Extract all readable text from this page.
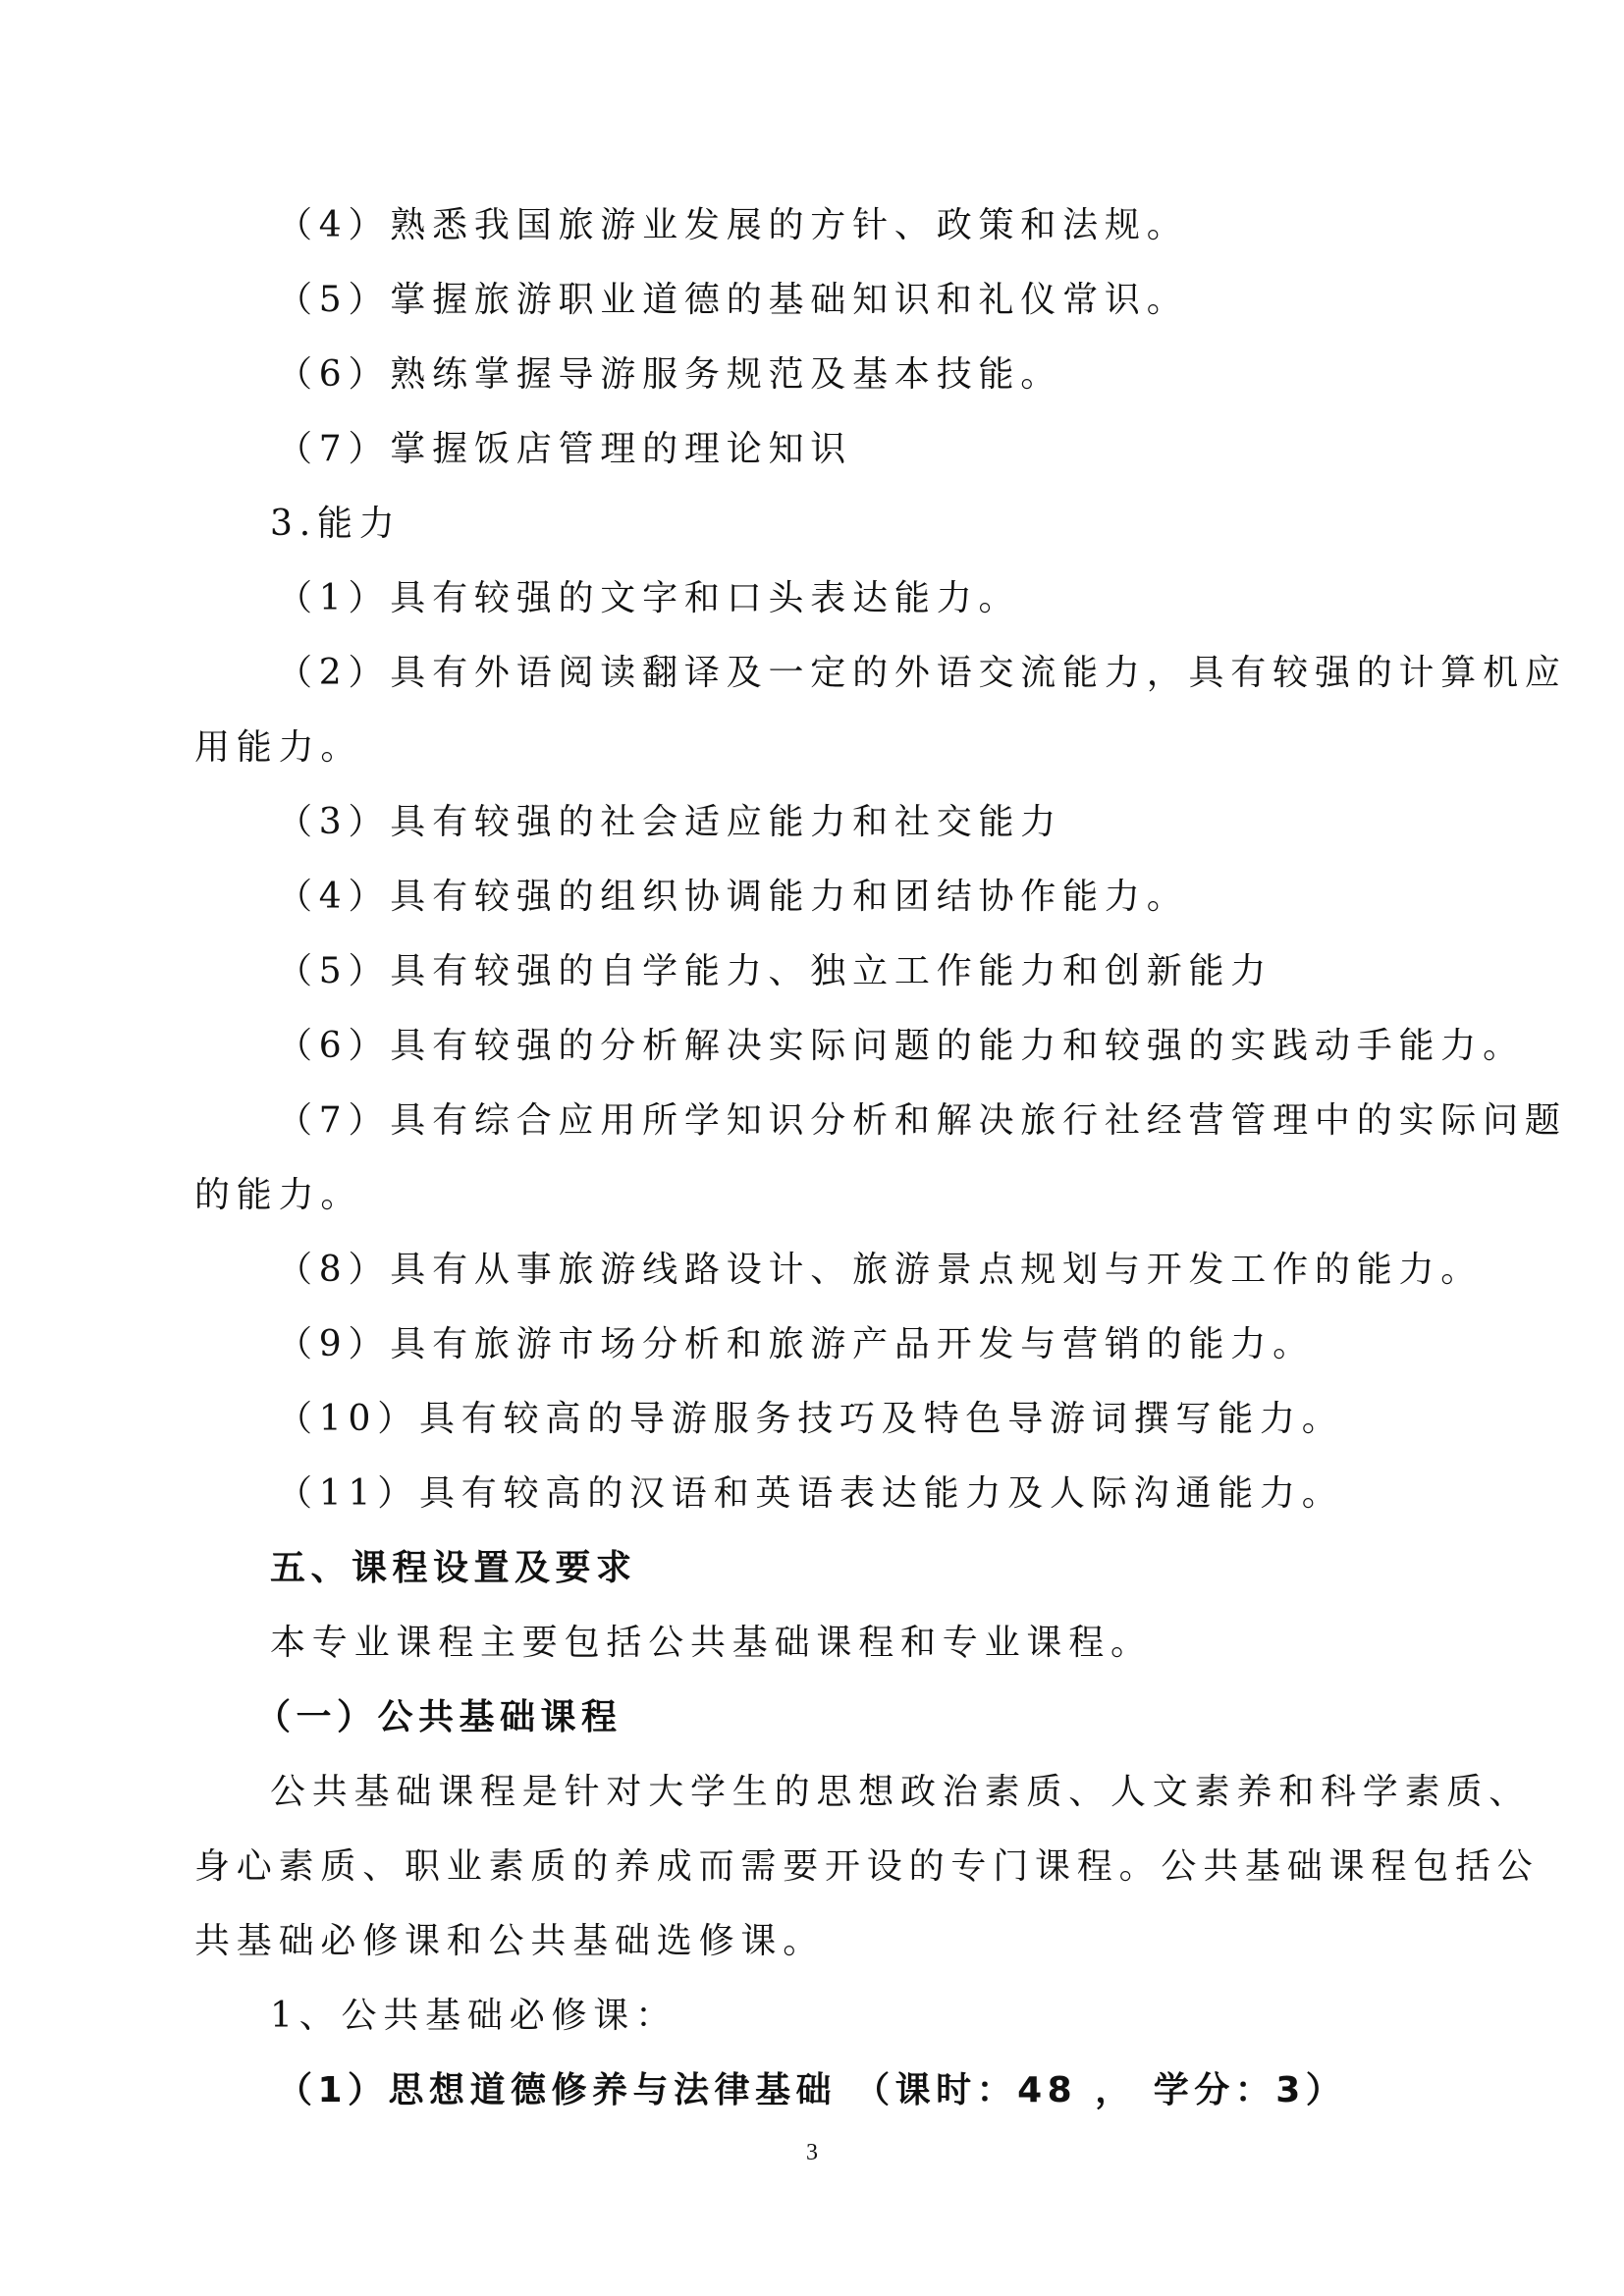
（4）熟悉我国旅游业发展的方针、政策和法规。

（5）掌握旅游职业道德的基础知识和礼仪常识。

（6）熟练掌握导游服务规范及基本技能。

（7）掌握饭店管理的理论知识

3.能力

（1）具有较强的文字和口头表达能力。

（2）具有外语阅读翻译及一定的外语交流能力，具有较强的计算机应

用能力。

（3）具有较强的社会适应能力和社交能力

（4）具有较强的组织协调能力和团结协作能力。

（5）具有较强的自学能力、独立工作能力和创新能力

（6）具有较强的分析解决实际问题的能力和较强的实践动手能力。

（7）具有综合应用所学知识分析和解决旅行社经营管理中的实际问题

的能力。

（8）具有从事旅游线路设计、旅游景点规划与开发工作的能力。

（9）具有旅游市场分析和旅游产品开发与营销的能力。

（10）具有较高的导游服务技巧及特色导游词撰写能力。

（11）具有较高的汉语和英语表达能力及人际沟通能力。

五、课程设置及要求

本专业课程主要包括公共基础课程和专业课程。

（一）公共基础课程

公共基础课程是针对大学生的思想政治素质、人文素养和科学素质、

身心素质、职业素质的养成而需要开设的专门课程。公共基础课程包括公

共基础必修课和公共基础选修课。

1、公共基础必修课：

（1）思想道德修养与法律基础 （课时：48 ， 学分：3）

3
